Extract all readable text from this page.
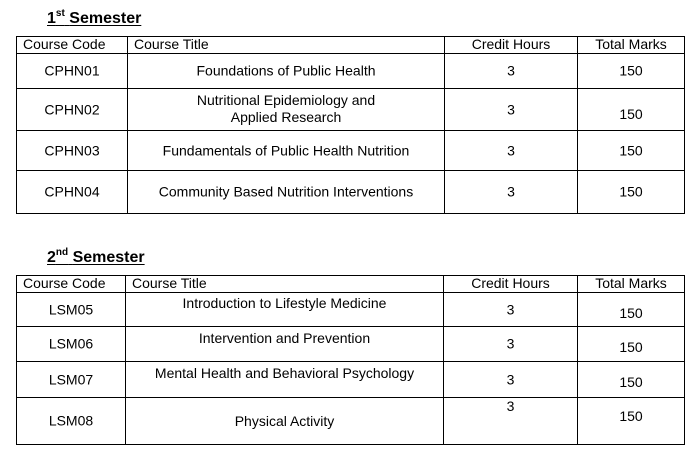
1st Semester
Course Code	Course Title	Credit Hours	Total Marks

CPHN01	Foundations of Public Health	3	150

CPHN02	Nutritional Epidemiology and Applied Research	3	150

CPHN03	Fundamentals of Public Health Nutrition	3	150

CPHN04	Community Based Nutrition Interventions	3	150
2nd Semester
Course Code	Course Title	Credit Hours	Total Marks

LSM05	Introduction to Lifestyle Medicine	3	150

LSM06	Intervention and Prevention	3	150

LSM07	Mental Health and Behavioral Psychology	3	150

LSM08	Physical Activity	3	150
